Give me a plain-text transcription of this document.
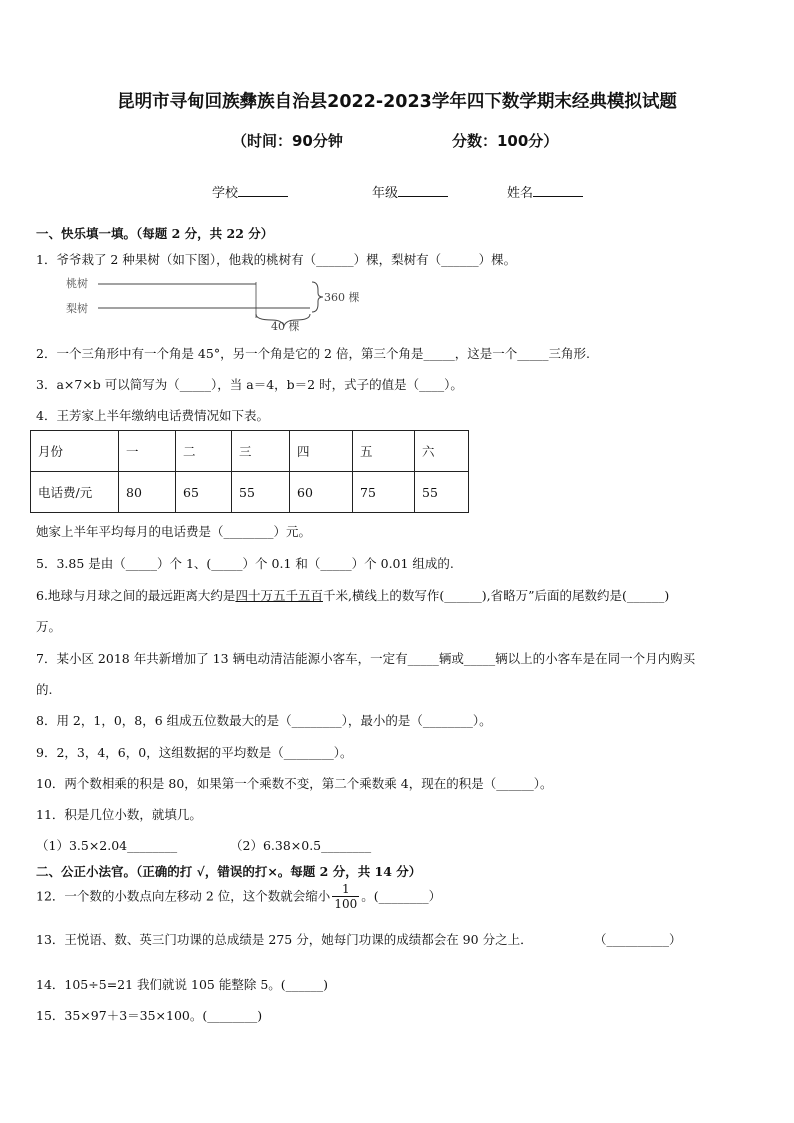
昆明市寻甸回族彝族自治县2022-2023学年四下数学期末经典模拟试题
（时间：90分钟	分数：100分）
学校	年级	姓名
一、快乐填一填。（每题 2 分，共 22 分）
1．爷爷栽了 2 种果树（如下图），他栽的桃树有（______）棵，梨树有（______）棵。
桃树
梨树
360 棵
40 棵
2．一个三角形中有一个角是 45°，另一个角是它的 2 倍，第三个角是_____，这是一个_____三角形.
3．a×7×b 可以简写为（_____），当 a＝4，b＝2 时，式子的值是（____）。
4．王芳家上半年缴纳电话费情况如下表。
月份	一	二	三	四	五	六
电话费/元	80	65	55	60	75	55
她家上半年平均每月的电话费是（________）元。
5．3.85 是由（_____）个 1、(_____）个 0.1 和（_____）个 0.01 组成的.
6.地球与月球之间的最远距离大约是四十万五千五百千米,横线上的数写作(______),省略万”后面的尾数约是(______)
万。
7．某小区 2018 年共新增加了 13 辆电动清洁能源小客车，一定有_____辆或_____辆以上的小客车是在同一个月内购买
的.
8．用 2，1，0，8，6 组成五位数最大的是（________），最小的是（________）。
9．2，3，4，6，0，这组数据的平均数是（________）。
10．两个数相乘的积是 80，如果第一个乘数不变，第二个乘数乘 4，现在的积是（______）。
11．积是几位小数，就填几。
（1）3.5×2.04________	（2）6.38×0.5________
二、公正小法官。（正确的打 √，错误的打×。每题 2 分，共 14 分）
12．一个数的小数点向左移动 2 位，这个数就会缩小 $\frac{1}{100}$ 。(________）
13．王悦语、数、英三门功课的总成绩是 275 分，她每门功课的成绩都会在 90 分之上．	（__________）
14．105÷5=21 我们就说 105 能整除 5。(______)
15．35×97＋3＝35×100。(________)
